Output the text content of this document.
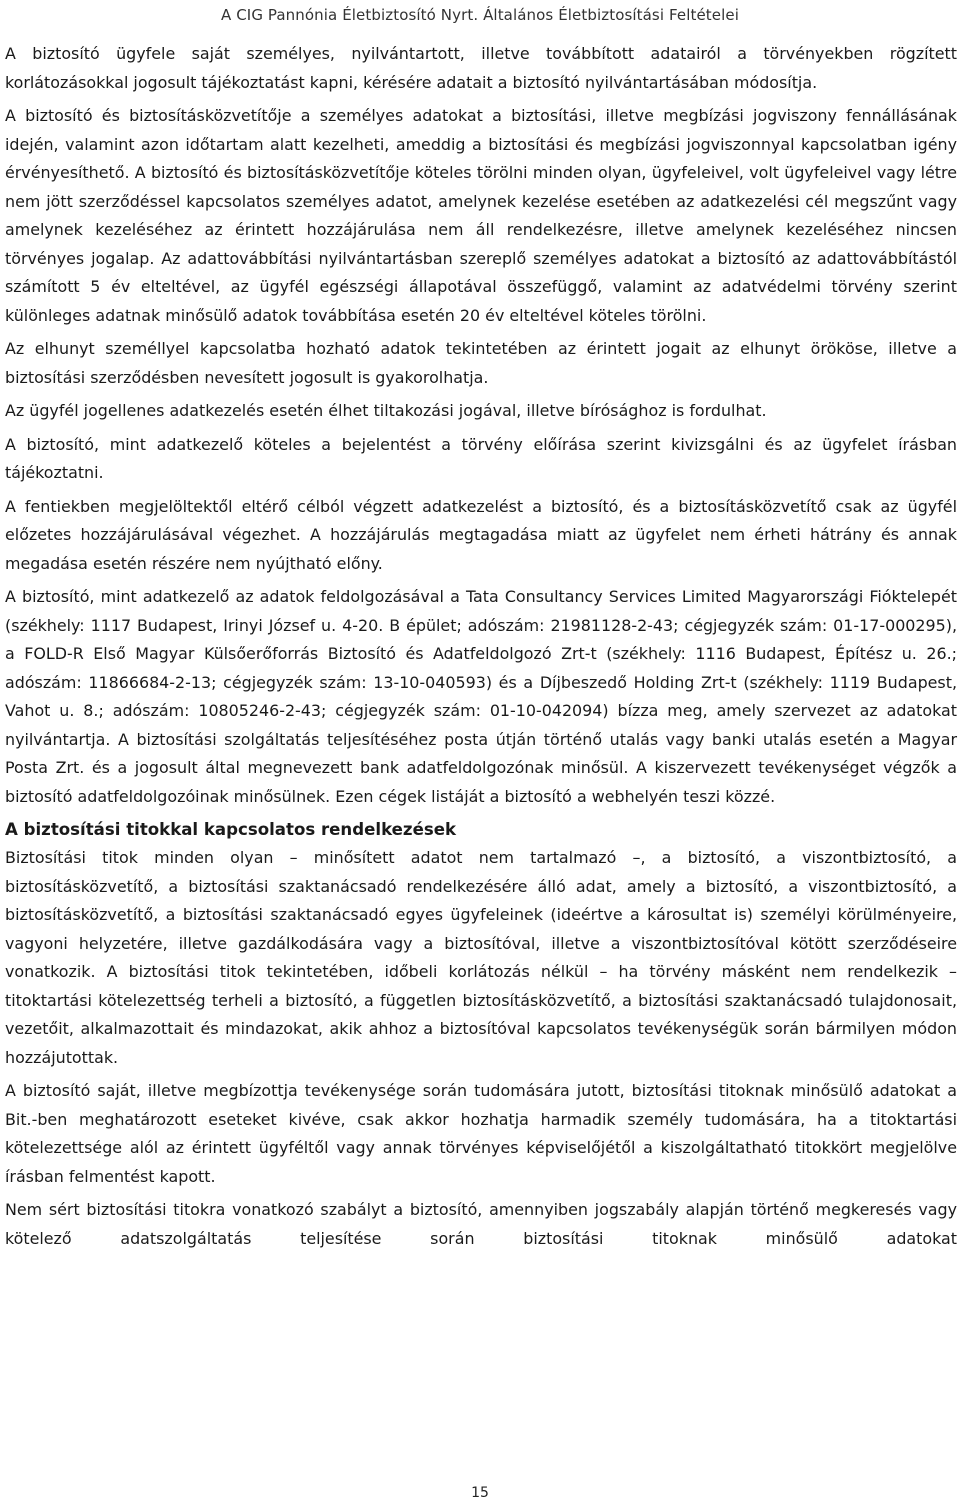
A CIG Pannónia Életbiztosító Nyrt. Általános Életbiztosítási Feltételei

A biztosító ügyfele saját személyes, nyilvántartott, illetve továbbított adatairól a törvényekben rögzített korlátozásokkal jogosult tájékoztatást kapni, kérésére adatait a biztosító nyilvántartásában módosítja.

A biztosító és biztosításközvetítője a személyes adatokat a biztosítási, illetve megbízási jogviszony fennállásának idején, valamint azon időtartam alatt kezelheti, ameddig a biztosítási és megbízási jogviszonnyal kapcsolatban igény érvényesíthető. A biztosító és biztosításközvetítője köteles törölni minden olyan, ügyfeleivel, volt ügyfeleivel vagy létre nem jött szerződéssel kapcsolatos személyes adatot, amelynek kezelése esetében az adatkezelési cél megszűnt vagy amelynek kezeléséhez az érintett hozzájárulása nem áll rendelkezésre, illetve amelynek kezeléséhez nincsen törvényes jogalap. Az adattovábbítási nyilvántartásban szereplő személyes adatokat a biztosító az adattovábbítástól számított 5 év elteltével, az ügyfél egészségi állapotával összefüggő, valamint az adatvédelmi törvény szerint különleges adatnak minősülő adatok továbbítása esetén 20 év elteltével köteles törölni.

Az elhunyt személlyel kapcsolatba hozható adatok tekintetében az érintett jogait az elhunyt örököse, illetve a biztosítási szerződésben nevesített jogosult is gyakorolhatja.

Az ügyfél jogellenes adatkezelés esetén élhet tiltakozási jogával, illetve bírósághoz is fordulhat.

A biztosító, mint adatkezelő köteles a bejelentést a törvény előírása szerint kivizsgálni és az ügyfelet írásban tájékoztatni.

A fentiekben megjelöltektől eltérő célból végzett adatkezelést a biztosító, és a biztosításközvetítő csak az ügyfél előzetes hozzájárulásával végezhet. A hozzájárulás megtagadása miatt az ügyfelet nem érheti hátrány és annak megadása esetén részére nem nyújtható előny.

A biztosító, mint adatkezelő az adatok feldolgozásával a Tata Consultancy Services Limited Magyarországi Fióktelepét (székhely: 1117 Budapest, Irinyi József u. 4-20. B épület; adószám: 21981128-2-43; cégjegyzék szám: 01-17-000295), a FOLD-R Első Magyar Külsőerőforrás Biztosító és Adatfeldolgozó Zrt-t (székhely: 1116 Budapest, Építész u. 26.; adószám: 11866684-2-13; cégjegyzék szám: 13-10-040593) és a Díjbeszedő Holding Zrt-t (székhely: 1119 Budapest, Vahot u. 8.; adószám: 10805246-2-43; cégjegyzék szám: 01-10-042094) bízza meg, amely szervezet az adatokat nyilvántartja. A biztosítási szolgáltatás teljesítéséhez posta útján történő utalás vagy banki utalás esetén a Magyar Posta Zrt. és a jogosult által megnevezett bank adatfeldolgozónak minősül. A kiszervezett tevékenységet végzők a biztosító adatfeldolgozóinak minősülnek. Ezen cégek listáját a biztosító a webhelyén teszi közzé.

A biztosítási titokkal kapcsolatos rendelkezések

Biztosítási titok minden olyan – minősített adatot nem tartalmazó –, a biztosító, a viszontbiztosító, a biztosításközvetítő, a biztosítási szaktanácsadó rendelkezésére álló adat, amely a biztosító, a viszontbiztosító, a biztosításközvetítő, a biztosítási szaktanácsadó egyes ügyfeleinek (ideértve a károsultat is) személyi körülményeire, vagyoni helyzetére, illetve gazdálkodására vagy a biztosítóval, illetve a viszontbiztosítóval kötött szerződéseire vonatkozik. A biztosítási titok tekintetében, időbeli korlátozás nélkül – ha törvény másként nem rendelkezik – titoktartási kötelezettség terheli a biztosító, a független biztosításközvetítő, a biztosítási szaktanácsadó tulajdonosait, vezetőit, alkalmazottait és mindazokat, akik ahhoz a biztosítóval kapcsolatos tevékenységük során bármilyen módon hozzájutottak.

A biztosító saját, illetve megbízottja tevékenysége során tudomására jutott, biztosítási titoknak minősülő adatokat a Bit.-ben meghatározott eseteket kivéve, csak akkor hozhatja harmadik személy tudomására, ha a titoktartási kötelezettsége alól az érintett ügyféltől vagy annak törvényes képviselőjétől a kiszolgáltatható titokkört megjelölve írásban felmentést kapott.

Nem sért biztosítási titokra vonatkozó szabályt a biztosító, amennyiben jogszabály alapján történő megkeresés vagy kötelező adatszolgáltatás teljesítése során biztosítási titoknak minősülő adatokat

15
